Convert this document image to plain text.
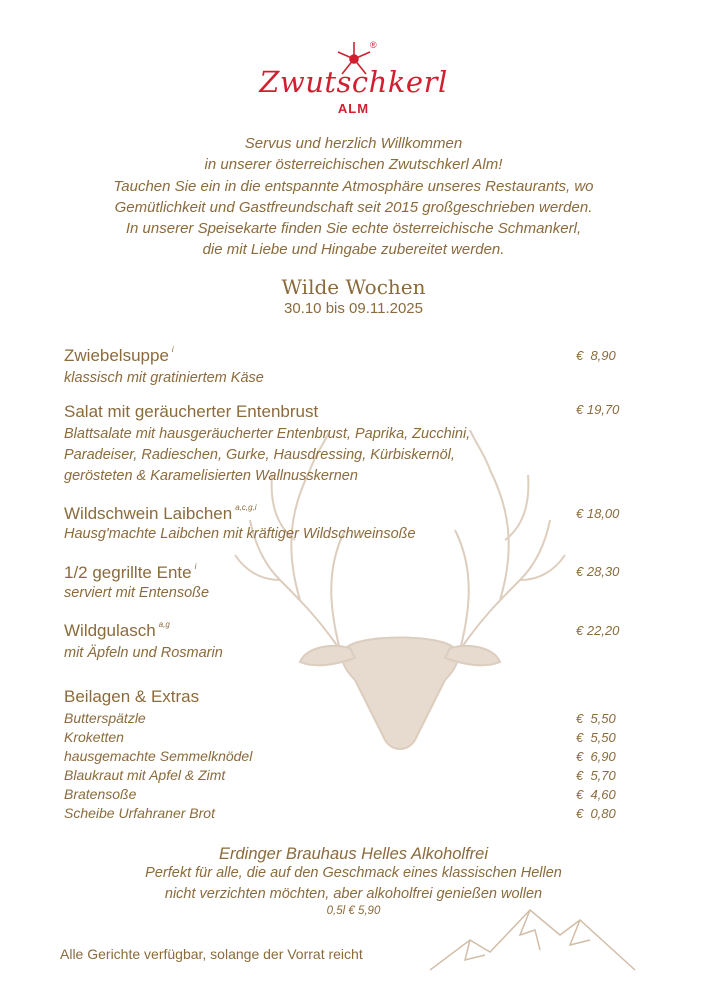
®
Zwutschkerl
ALM
Servus und herzlich Willkommen
in unserer österreichischen Zwutschkerl Alm!
Tauchen Sie ein in die entspannte Atmosphäre unseres Restaurants, wo
Gemütlichkeit und Gastfreundschaft seit 2015 großgeschrieben werden.
In unserer Speisekarte finden Sie echte österreichische Schmankerl,
die mit Liebe und Hingabe zubereitet werden.
Wilde Wochen
30.10 bis 09.11.2025
Zwiebelsuppe $^i$	€  8,90
klassisch mit gratiniertem Käse
Salat mit geräucherter Entenbrust	€ 19,70
Blattsalate mit hausgeräucherter Entenbrust, Paprika, Zucchini,
Paradeiser, Radieschen, Gurke, Hausdressing, Kürbiskernöl,
gerösteten & Karamelisierten Wallnusskernen
Wildschwein Laibchen $^{a,c,g,i}$	€ 18,00
Hausg'machte Laibchen mit kräftiger Wildschweinsoße
1/2 gegrillte Ente $^i$	€ 28,30
serviert mit Entensoße
Wildgulasch $^{a,g}$	€ 22,20
mit Äpfeln und Rosmarin
Beilagen & Extras
Butterspätzle	€  5,50
Kroketten	€  5,50
hausgemachte Semmelknödel	€  6,90
Blaukraut mit Apfel & Zimt	€  5,70
Bratensoße	€  4,60
Scheibe Urfahraner Brot	€  0,80
Erdinger Brauhaus Helles Alkoholfrei
Perfekt für alle, die auf den Geschmack eines klassischen Hellen
nicht verzichten möchten, aber alkoholfrei genießen wollen
0,5l € 5,90
Alle Gerichte verfügbar, solange der Vorrat reicht
